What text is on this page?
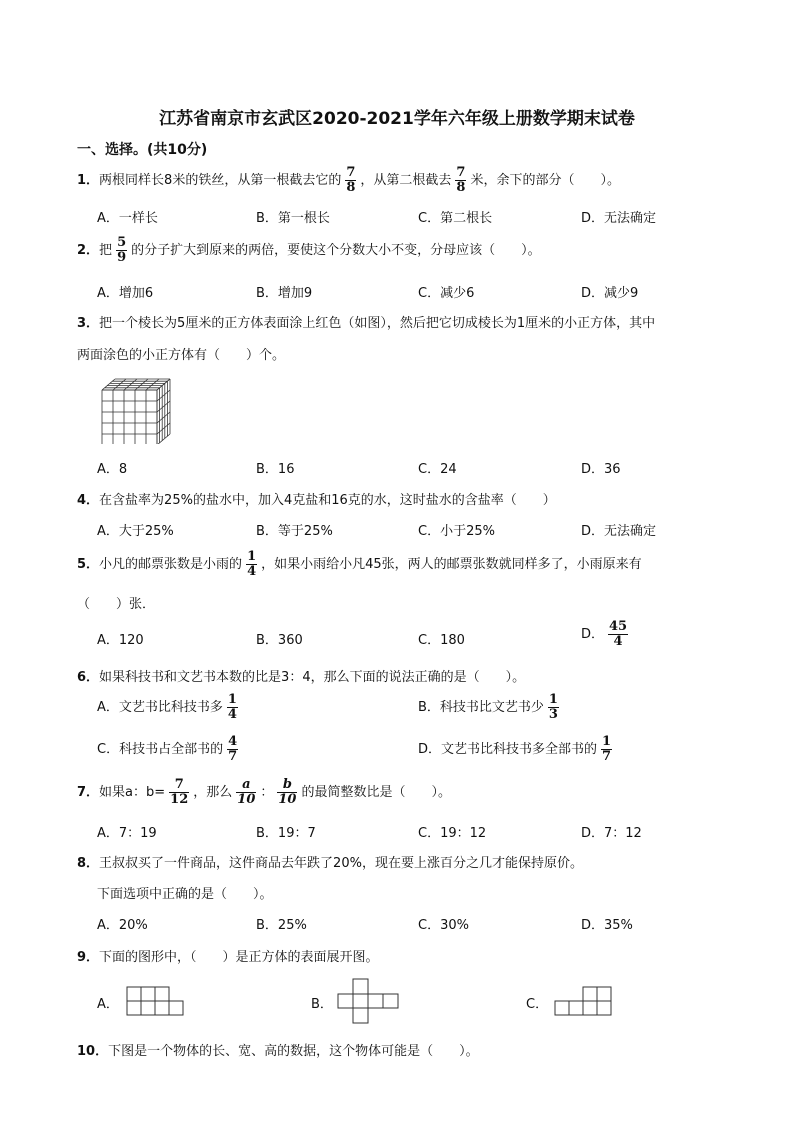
江苏省南京市玄武区2020-2021学年六年级上册数学期末试卷
一、选择。(共10分)
1．两根同样长8米的铁丝，从第一根截去它的 $\frac{7}{8}$ ，从第二根截去 $\frac{7}{8}$ 米，余下的部分（　　）。
A．一样长	B．第一根长	C．第二根长	D．无法确定
2．把 $\frac{5}{9}$ 的分子扩大到原来的两倍，要使这个分数大小不变，分母应该（　　）。
A．增加6	B．增加9	C．减少6	D．减少9
3．把一个棱长为5厘米的正方体表面涂上红色（如图），然后把它切成棱长为1厘米的小正方体，其中
两面涂色的小正方体有（　　）个。
A．8	B．16	C．24	D．36
4．在含盐率为25%的盐水中，加入4克盐和16克的水，这时盐水的含盐率（　　）
A．大于25%	B．等于25%	C．小于25%	D．无法确定
5．小凡的邮票张数是小雨的 $\frac{1}{4}$ ，如果小雨给小凡45张，两人的邮票张数就同样多了，小雨原来有
（　　）张．
A．120	B．360	C．180	D． $\frac{45}{4}$
6．如果科技书和文艺书本数的比是3：4，那么下面的说法正确的是（　　）。
A．文艺书比科技书多 $\frac{1}{4}$	B．科技书比文艺书少 $\frac{1}{3}$
C．科技书占全部书的 $\frac{4}{7}$	D．文艺书比科技书多全部书的 $\frac{1}{7}$
7．如果a：$b= \frac{7}{12}$ ，那么 $\frac{a}{10}$ ： $\frac{b}{10}$ 的最简整数比是（　　）。
A．7：19	B．19：7	C．19：12	D．7：12
8．王叔叔买了一件商品，这件商品去年跌了20%，现在要上涨百分之几才能保持原价。
下面选项中正确的是（　　）。
A．20%	B．25%	C．30%	D．35%
9．下面的图形中，（　　）是正方体的表面展开图。
A．	B．	C．
10．下图是一个物体的长、宽、高的数据，这个物体可能是（　　）。
